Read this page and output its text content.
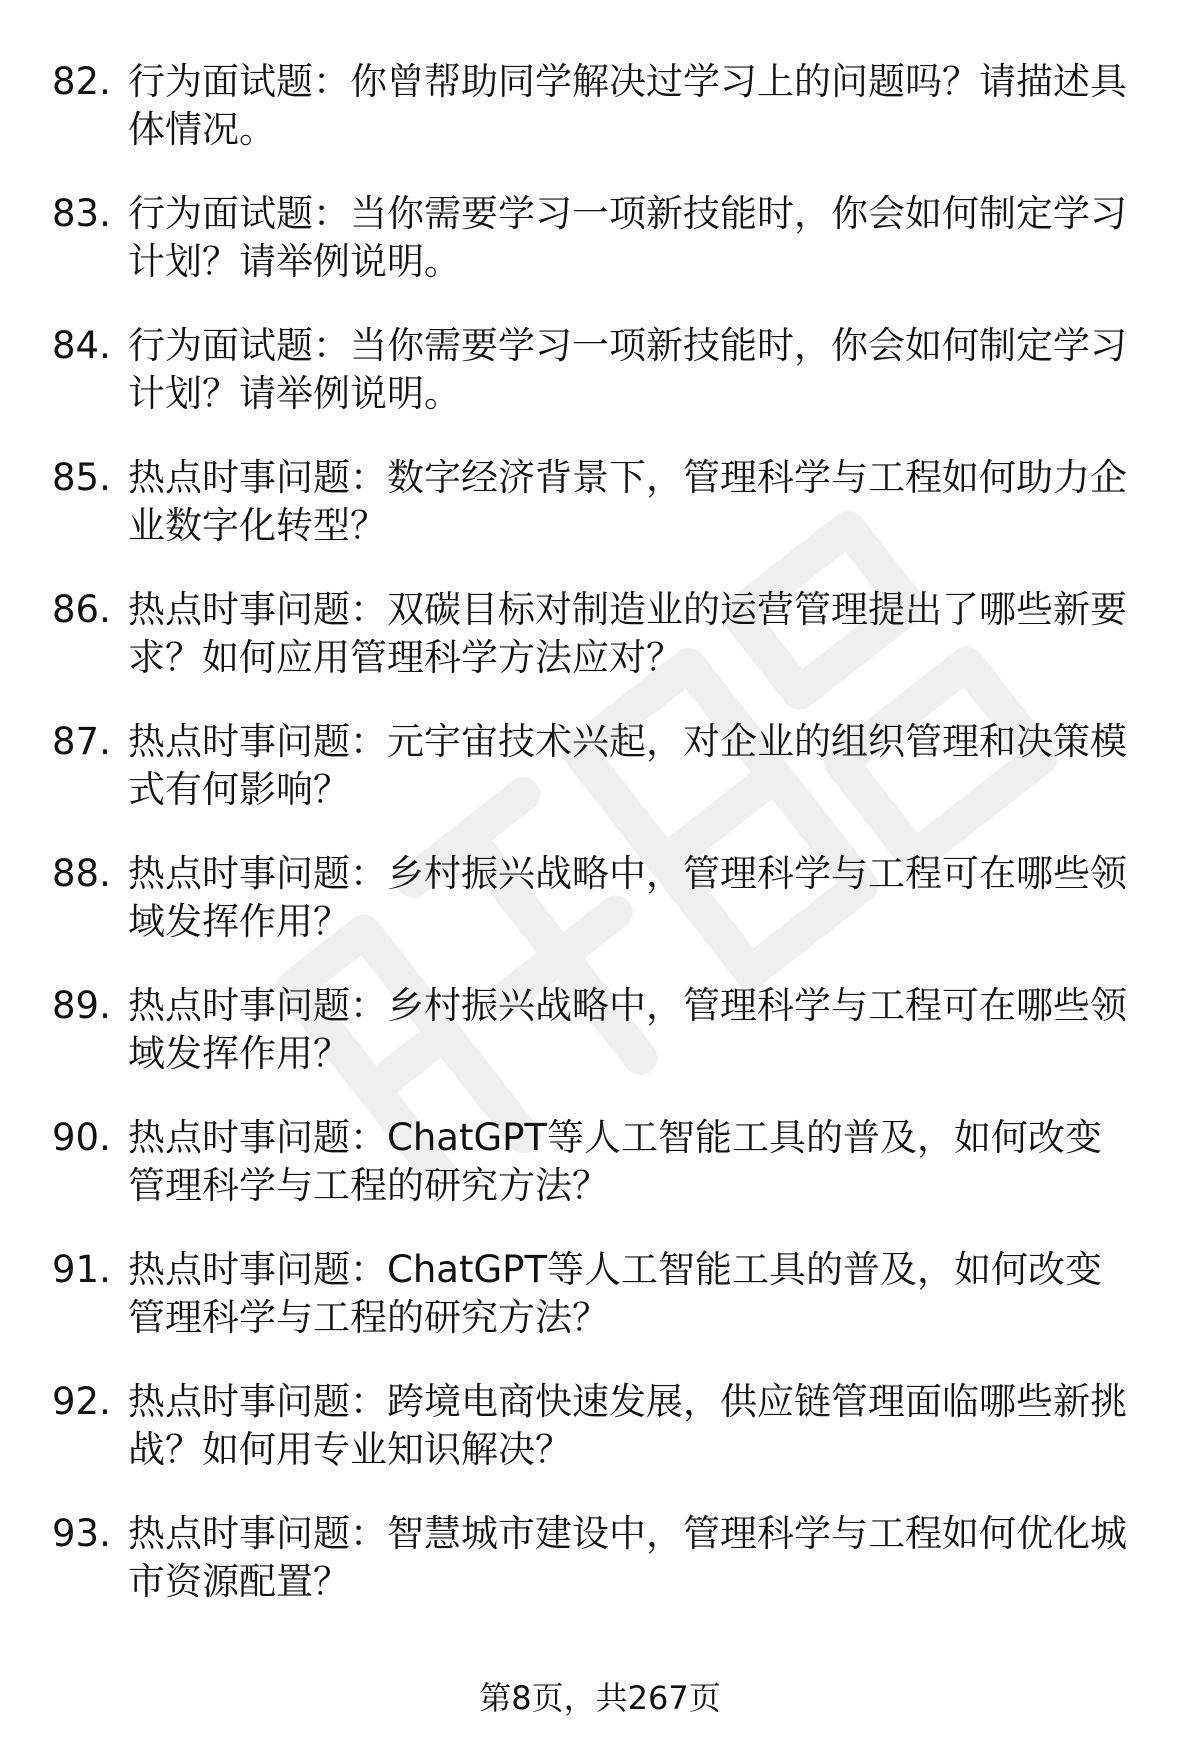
82. 行为面试题：你曾帮助同学解决过学习上的问题吗？请描述具体情况。
83. 行为面试题：当你需要学习一项新技能时，你会如何制定学习计划？请举例说明。
84. 行为面试题：当你需要学习一项新技能时，你会如何制定学习计划？请举例说明。
85. 热点时事问题：数字经济背景下，管理科学与工程如何助力企业数字化转型？
86. 热点时事问题：双碳目标对制造业的运营管理提出了哪些新要求？如何应用管理科学方法应对？
87. 热点时事问题：元宇宙技术兴起，对企业的组织管理和决策模式有何影响？
88. 热点时事问题：乡村振兴战略中，管理科学与工程可在哪些领域发挥作用？
89. 热点时事问题：乡村振兴战略中，管理科学与工程可在哪些领域发挥作用？
90. 热点时事问题：ChatGPT等人工智能工具的普及，如何改变管理科学与工程的研究方法？
91. 热点时事问题：ChatGPT等人工智能工具的普及，如何改变管理科学与工程的研究方法？
92. 热点时事问题：跨境电商快速发展，供应链管理面临哪些新挑战？如何用专业知识解决？
93. 热点时事问题：智慧城市建设中，管理科学与工程如何优化城市资源配置？
第8页，共267页
